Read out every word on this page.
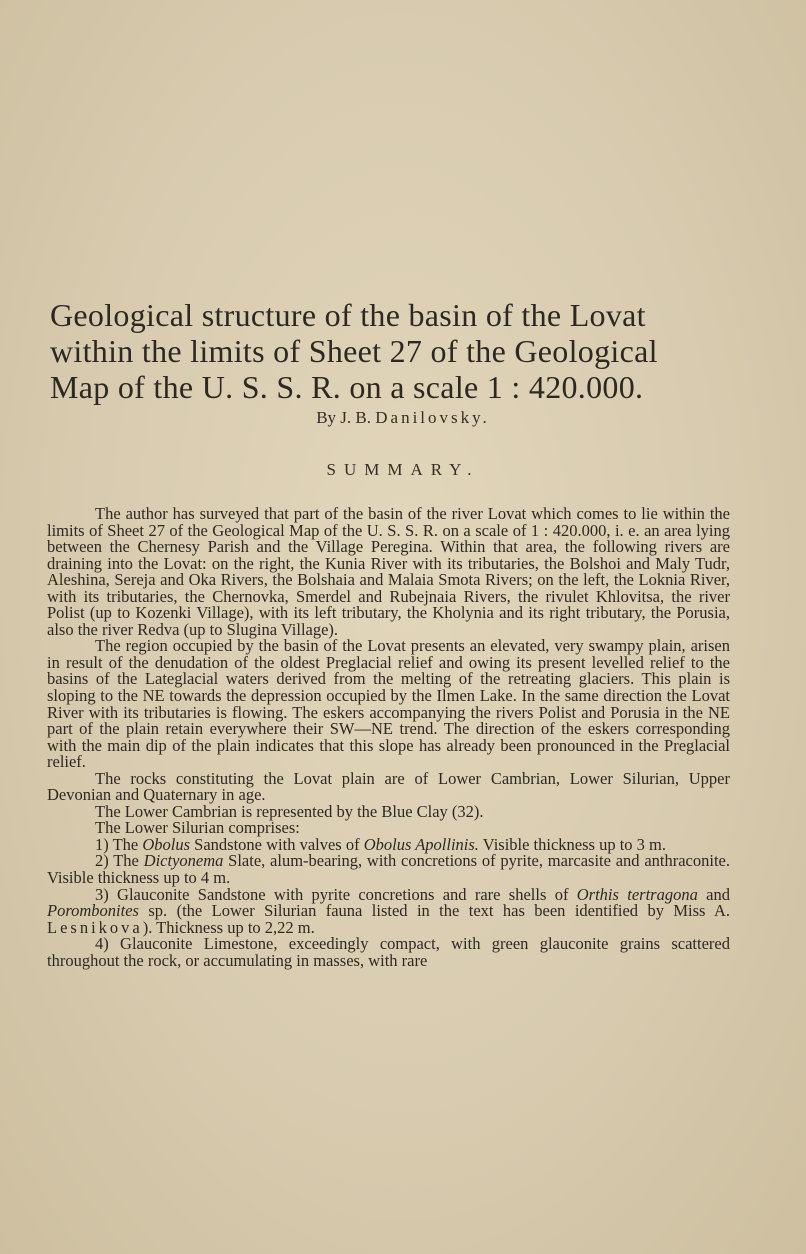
Geological structure of the basin of the Lovat
within the limits of Sheet 27 of the Geological
Map of the U. S. S. R. on a scale 1 : 420.000.
By J. B. Danilovsky.
SUMMARY.

The author has surveyed that part of the basin of the river Lovat which comes to lie within the limits of Sheet 27 of the Geological Map of the U. S. S. R. on a scale of 1 : 420.000, i. e. an area lying between the Chernesy Parish and the Village Peregina. Within that area, the following rivers are draining into the Lovat: on the right, the Kunia River with its tributaries, the Bolshoi and Maly Tudr, Aleshina, Sereja and Oka Rivers, the Bolshaia and Malaia Smota Rivers; on the left, the Loknia River, with its tributaries, the Chernovka, Smerdel and Rubejnaia Rivers, the rivulet Khlovitsa, the river Polist (up to Kozenki Village), with its left tributary, the Kholynia and its right tributary, the Porusia, also the river Redva (up to Slugina Village).

The region occupied by the basin of the Lovat presents an elevated, very swampy plain, arisen in result of the denudation of the oldest Preglacial relief and owing its present levelled relief to the basins of the Lateglacial waters derived from the melting of the retreating glaciers. This plain is sloping to the NE towards the depression occupied by the Ilmen Lake. In the same direction the Lovat River with its tributaries is flowing. The eskers accompanying the rivers Polist and Porusia in the NE part of the plain retain everywhere their SW—NE trend. The direction of the eskers corresponding with the main dip of the plain indicates that this slope has already been pronounced in the Preglacial relief.

The rocks constituting the Lovat plain are of Lower Cambrian, Lower Silurian, Upper Devonian and Quaternary in age.

The Lower Cambrian is represented by the Blue Clay (32).

The Lower Silurian comprises:

1) The Obolus Sandstone with valves of Obolus Apollinis. Visible thickness up to 3 m.

2) The Dictyonema Slate, alum-bearing, with concretions of pyrite, marcasite and anthraconite. Visible thickness up to 4 m.

3) Glauconite Sandstone with pyrite concretions and rare shells of Orthis tertragona and Porombonites sp. (the Lower Silurian fauna listed in the text has been identified by Miss A. Lesnikova). Thickness up to 2,22 m.

4) Glauconite Limestone, exceedingly compact, with green glauconite grains scattered throughout the rock, or accumulating in masses, with rare
